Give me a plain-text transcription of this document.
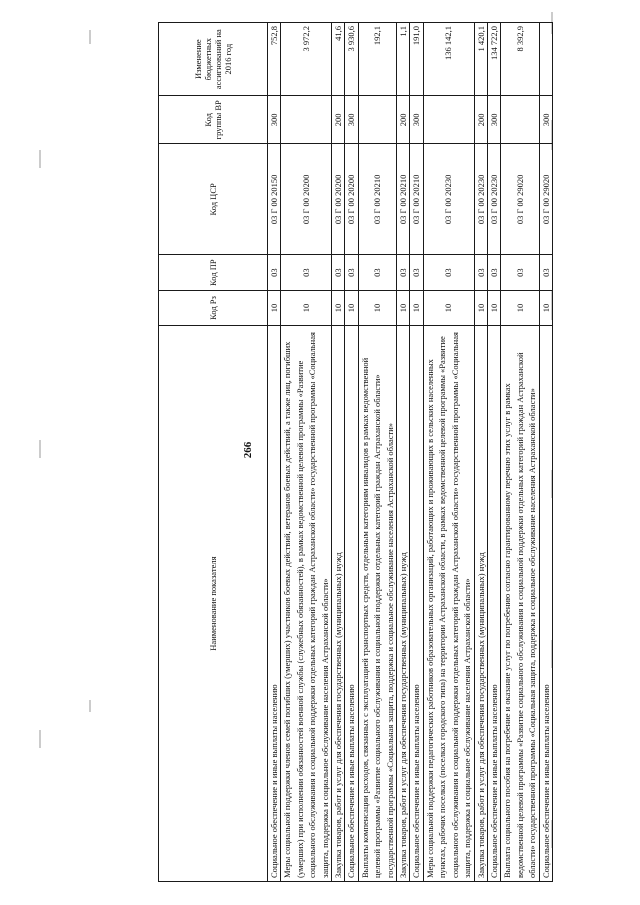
266
Наименование показателя	Код Рз	Код ПР	Код ЦСР	Код группы ВР	Изменение бюджетных ассигнований на 2016 год
Социальное обеспечение и иные выплаты населению	10	03	03 Г 00 20150	300	752,8
Меры социальной поддержки членов семей погибших (умерших) участников боевых действий, ветеранов боевых действий, а также лиц, погибших (умерших) при исполнении обязанностей военной службы (служебных обязанностей), в рамках ведомственной целевой программы «Развитие социального обслуживания и социальной поддержки отдельных категорий граждан Астраханской области» государственной программы «Социальная защита, поддержка и социальное обслуживание населения Астраханской области»	10	03	03 Г 00 20200		3 972,2
Закупка товаров, работ и услуг для обеспечения государственных (муниципальных) нужд	10	03	03 Г 00 20200	200	41,6
Социальное обеспечение и иные выплаты населению	10	03	03 Г 00 20200	300	3 930,6
Выплаты компенсации расходов, связанных с эксплуатацией транспортных средств, отдельным категориям инвалидов в рамках ведомственной целевой программы «Развитие социального обслуживания и социальной поддержки отдельных категорий граждан Астраханской области» государственной программы «Социальная защита, поддержка и социальное обслуживание населения Астраханской области»	10	03	03 Г 00 20210		192,1
Закупка товаров, работ и услуг для обеспечения государственных (муниципальных) нужд	10	03	03 Г 00 20210	200	1,1
Социальное обеспечение и иные выплаты населению	10	03	03 Г 00 20210	300	191,0
Меры социальной поддержки педагогических работников образовательных организаций, работающих и проживающих в сельских населенных пунктах, рабочих поселках (поселках городского типа) на территории Астраханской области, в рамках ведомственной целевой программы «Развитие социального обслуживания и социальной поддержки отдельных категорий граждан Астраханской области» государственной программы «Социальная защита, поддержка и социальное обслуживание населения Астраханской области»	10	03	03 Г 00 20230		136 142,1
Закупка товаров, работ и услуг для обеспечения государственных (муниципальных) нужд	10	03	03 Г 00 20230	200	1 420,1
Социальное обеспечение и иные выплаты населению	10	03	03 Г 00 20230	300	134 722,0
Выплата социального пособия на погребение и оказание услуг по погребению согласно гарантированному перечню этих услуг в рамках ведомственной целевой программы «Развитие социального обслуживания и социальной поддержки отдельных категорий граждан Астраханской области» государственной программы «Социальная защита, поддержка и социальное обслуживание населения Астраханской области»	10	03	03 Г 00 29020		8 392,9
Социальное обеспечение и иные выплаты населению	10	03	03 Г 00 29020	300	
